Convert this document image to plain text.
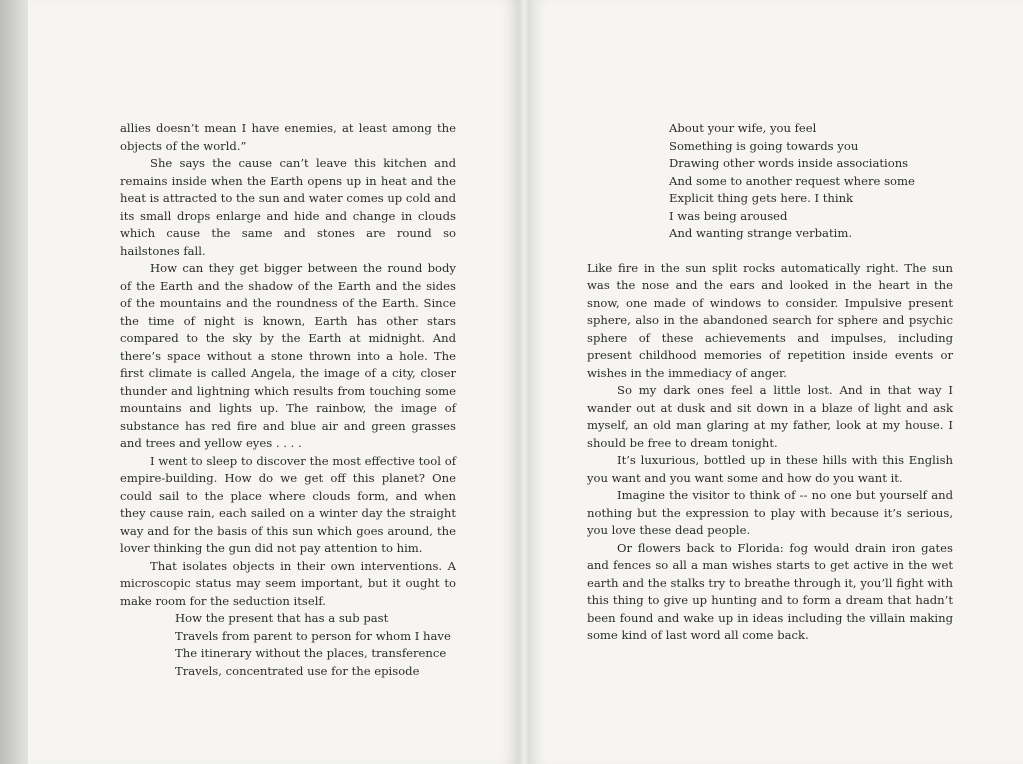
allies doesn’t mean I have enemies, at least among the objects of the world.”

She says the cause can’t leave this kitchen and remains inside when the Earth opens up in heat and the heat is attracted to the sun and water comes up cold and its small drops enlarge and hide and change in clouds which cause the same and stones are round so hailstones fall.

How can they get bigger between the round body of the Earth and the shadow of the Earth and the sides of the mountains and the roundness of the Earth. Since the time of night is known, Earth has other stars compared to the sky by the Earth at midnight. And there’s space without a stone thrown into a hole. The first climate is called Angela, the image of a city, closer thunder and lightning which results from touching some mountains and lights up. The rainbow, the image of substance has red fire and blue air and green grasses and trees and yellow eyes . . . .

I went to sleep to discover the most effective tool of empire-building. How do we get off this planet? One could sail to the place where clouds form, and when they cause rain, each sailed on a winter day the straight way and for the basis of this sun which goes around, the lover thinking the gun did not pay attention to him.

That isolates objects in their own interventions. A microscopic status may seem important, but it ought to make room for the seduction itself.

How the present that has a sub past
Travels from parent to person for whom I have
The itinerary without the places, transference
Travels, concentrated use for the episode
About your wife, you feel
Something is going towards you
Drawing other words inside associations
And some to another request where some
Explicit thing gets here. I think
I was being aroused
And wanting strange verbatim.

Like fire in the sun split rocks automatically right. The sun was the nose and the ears and looked in the heart in the snow, one made of windows to consider. Impulsive present sphere, also in the abandoned search for sphere and psychic sphere of these achievements and impulses, including present childhood memories of repetition inside events or wishes in the immediacy of anger.

So my dark ones feel a little lost. And in that way I wander out at dusk and sit down in a blaze of light and ask myself, an old man glaring at my father, look at my house. I should be free to dream tonight.

It’s luxurious, bottled up in these hills with this English you want and you want some and how do you want it.

Imagine the visitor to think of -- no one but yourself and nothing but the expression to play with because it’s serious, you love these dead people.

Or flowers back to Florida: fog would drain iron gates and fences so all a man wishes starts to get active in the wet earth and the stalks try to breathe through it, you’ll fight with this thing to give up hunting and to form a dream that hadn’t been found and wake up in ideas including the villain making some kind of last word all come back.
